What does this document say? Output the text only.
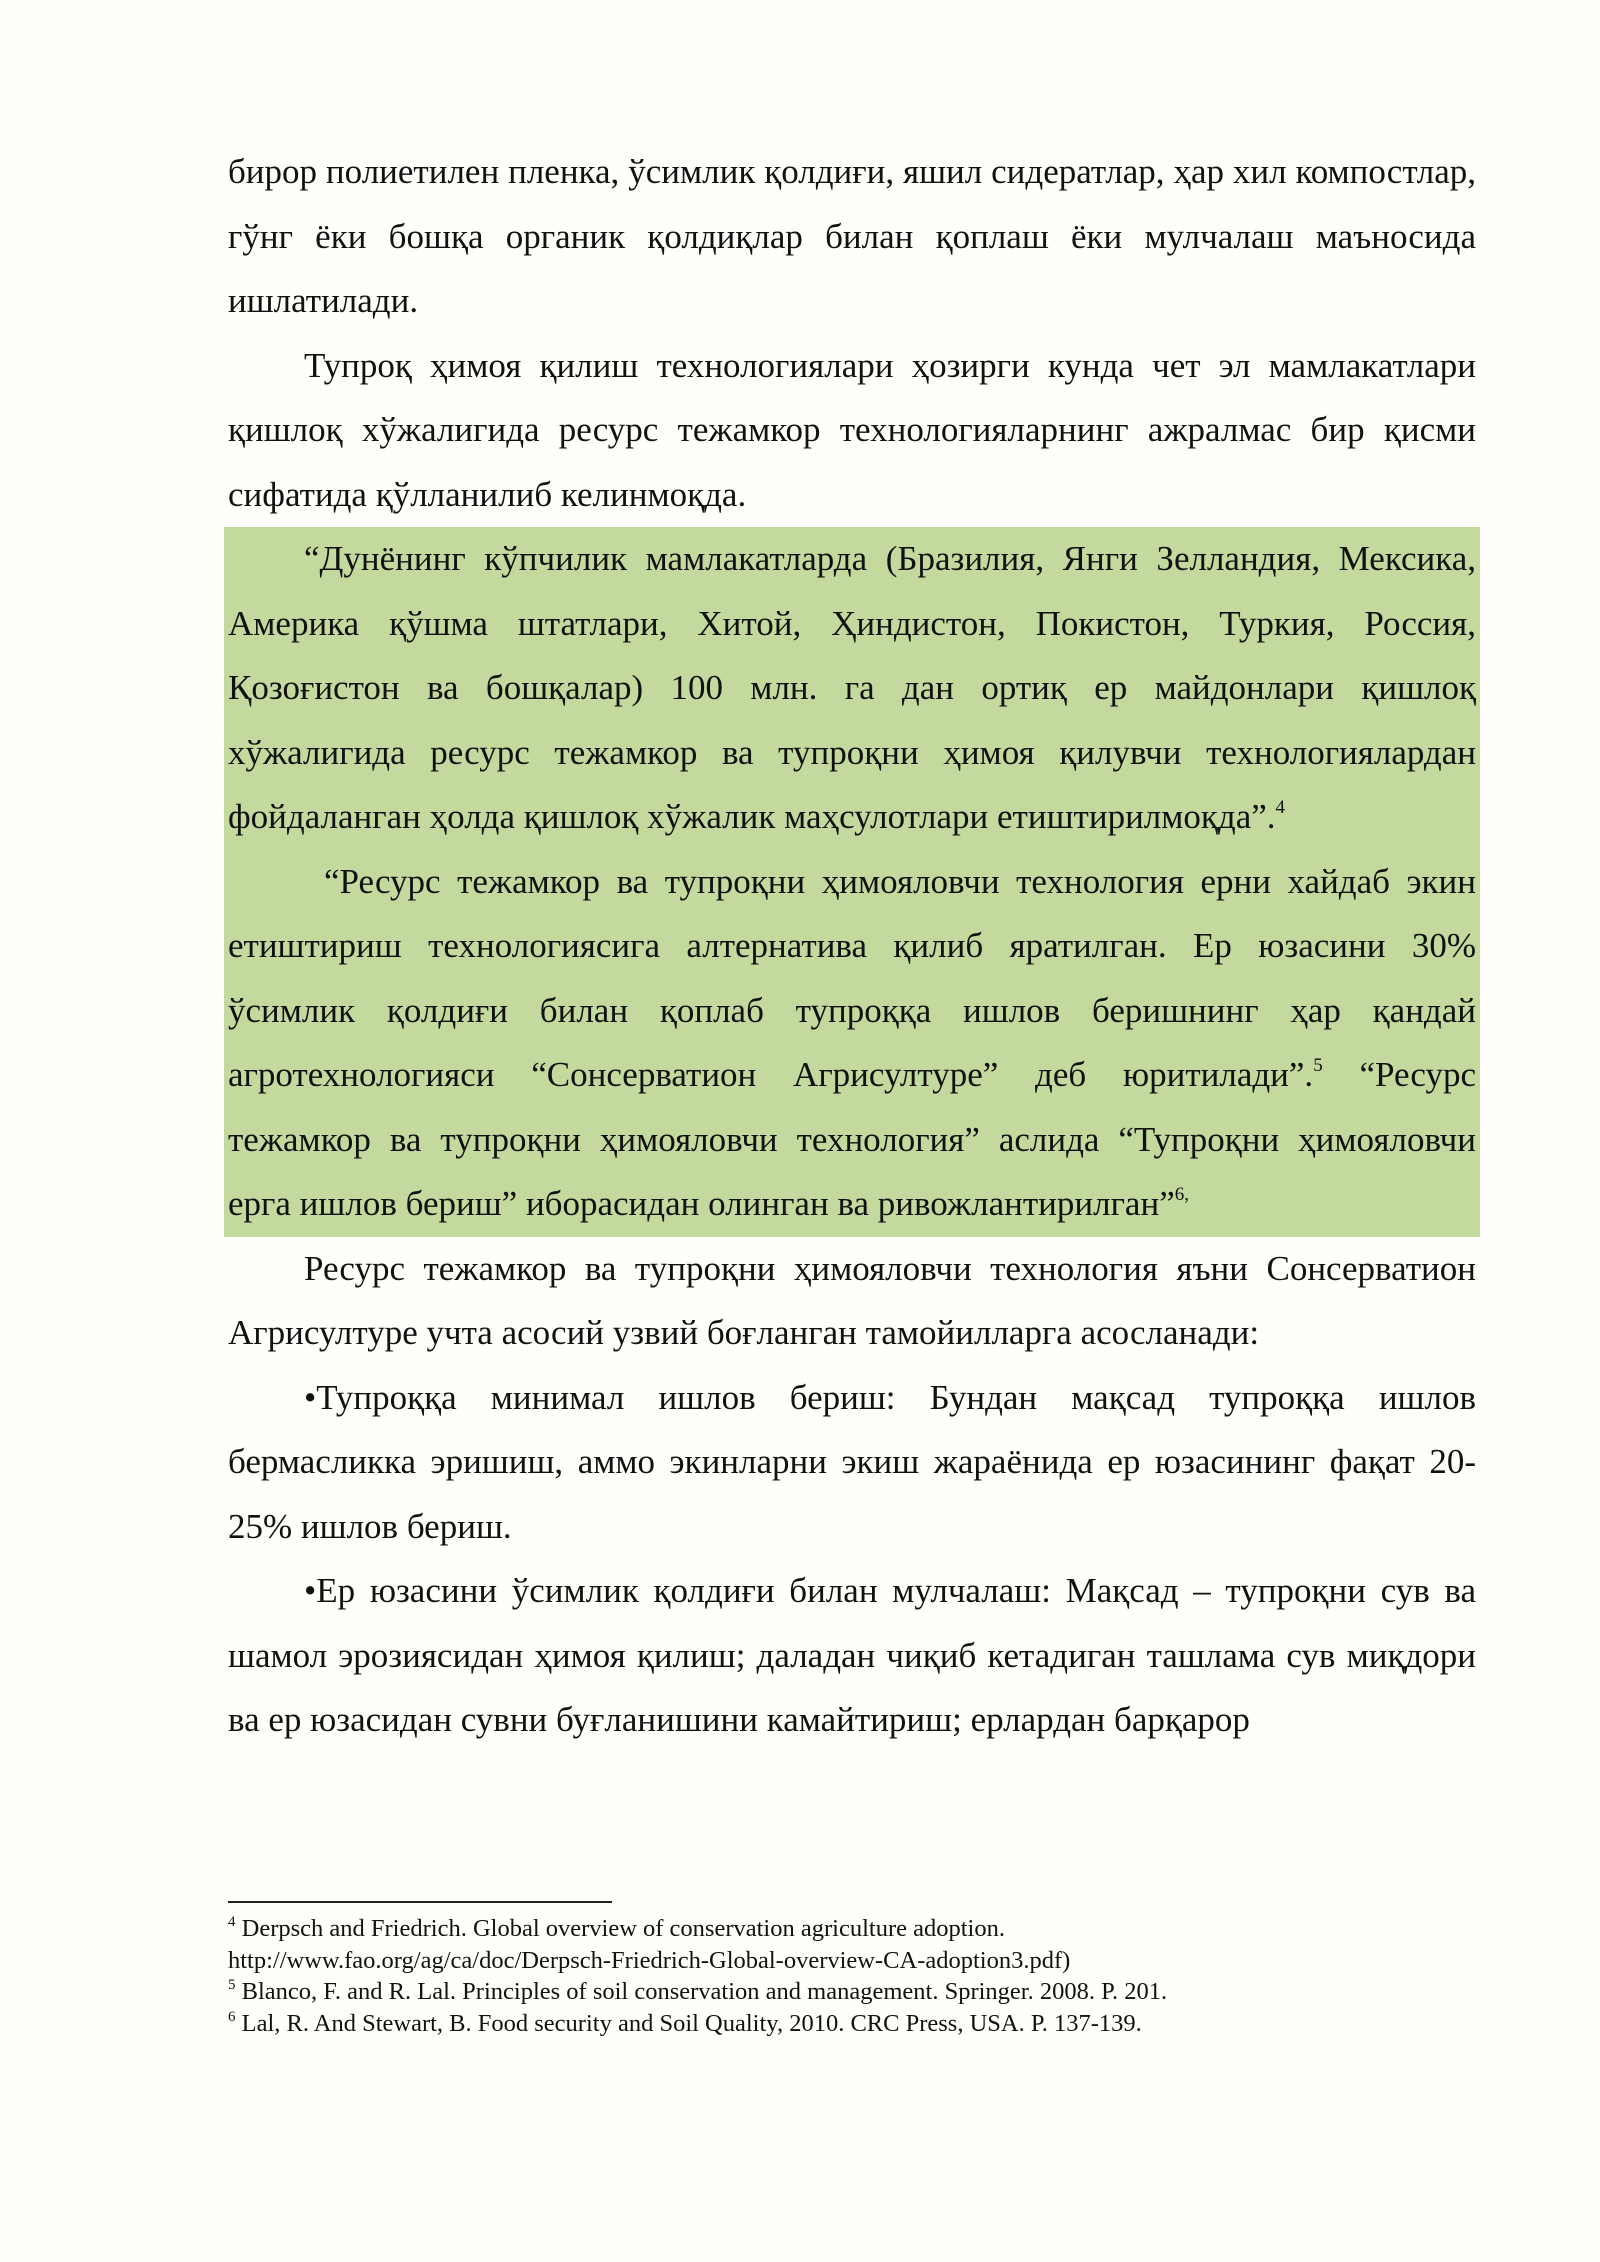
бирор полиетилен пленка, ўсимлик қолдиғи, яшил сидератлар, ҳар хил компостлар, гўнг ёки бошқа органик қолдиқлар билан қоплаш ёки мулчалаш маъносида ишлатилади.

Тупроқ ҳимоя қилиш технологиялари ҳозирги кунда чет эл мамлакатлари қишлоқ хўжалигида ресурс тежамкор технологияларнинг ажралмас бир қисми сифатида қўлланилиб келинмоқда.

“Дунёнинг кўпчилик мамлакатларда (Бразилия, Янги Зелландия, Мексика, Америка қўшма штатлари, Хитой, Ҳиндистон, Покистон, Туркия, Россия, Қозоғистон ва бошқалар) 100 млн. га дан ортиқ ер майдонлари қишлоқ хўжалигида ресурс тежамкор ва тупроқни ҳимоя қилувчи технологиялардан фойдаланган ҳолда қишлоқ хўжалик маҳсулотлари етиштирилмоқда”.$^4$

“Ресурс тежамкор ва тупроқни ҳимояловчи технология ерни хайдаб экин етиштириш технологиясига алтернатива қилиб яратилган. Ер юзасини 30% ўсимлик қолдиғи билан қоплаб тупроққа ишлов беришнинг ҳар қандай агротехнологияси “Сонсерватион Агрисултуре” деб юритилади”.$^5$ “Ресурс тежамкор ва тупроқни ҳимояловчи технология” аслида “Тупроқни ҳимояловчи ерга ишлов бериш” иборасидан олинган ва ривожлантирилган”$^{6,}$

Ресурс тежамкор ва тупроқни ҳимояловчи технология яъни Сонсерватион Агрисултуре учта асосий узвий боғланган тамойилларга асосланади:

•Тупроққа минимал ишлов бериш: Бундан мақсад тупроққа ишлов бермасликка эришиш, аммо экинларни экиш жараёнида ер юзасининг фақат 20-25% ишлов бериш.

•Ер юзасини ўсимлик қолдиғи билан мулчалаш: Мақсад – тупроқни сув ва шамол эрозиясидан ҳимоя қилиш; даладан чиқиб кетадиган ташлама сув миқдори ва ер юзасидан сувни буғланишини камайтириш; ерлардан барқарор

$^4$ Derpsch and Friedrich. Global overview of conservation agriculture adoption.

http://www.fao.org/ag/ca/doc/Derpsch-Friedrich-Global-overview-CA-adoption3.pdf)

$^5$ Blanco, F. and R. Lal. Principles of soil conservation and management. Springer. 2008. P. 201.

$^6$ Lal, R. And Stewart, B. Food security and Soil Quality, 2010. CRC Press, USA. P. 137-139.
